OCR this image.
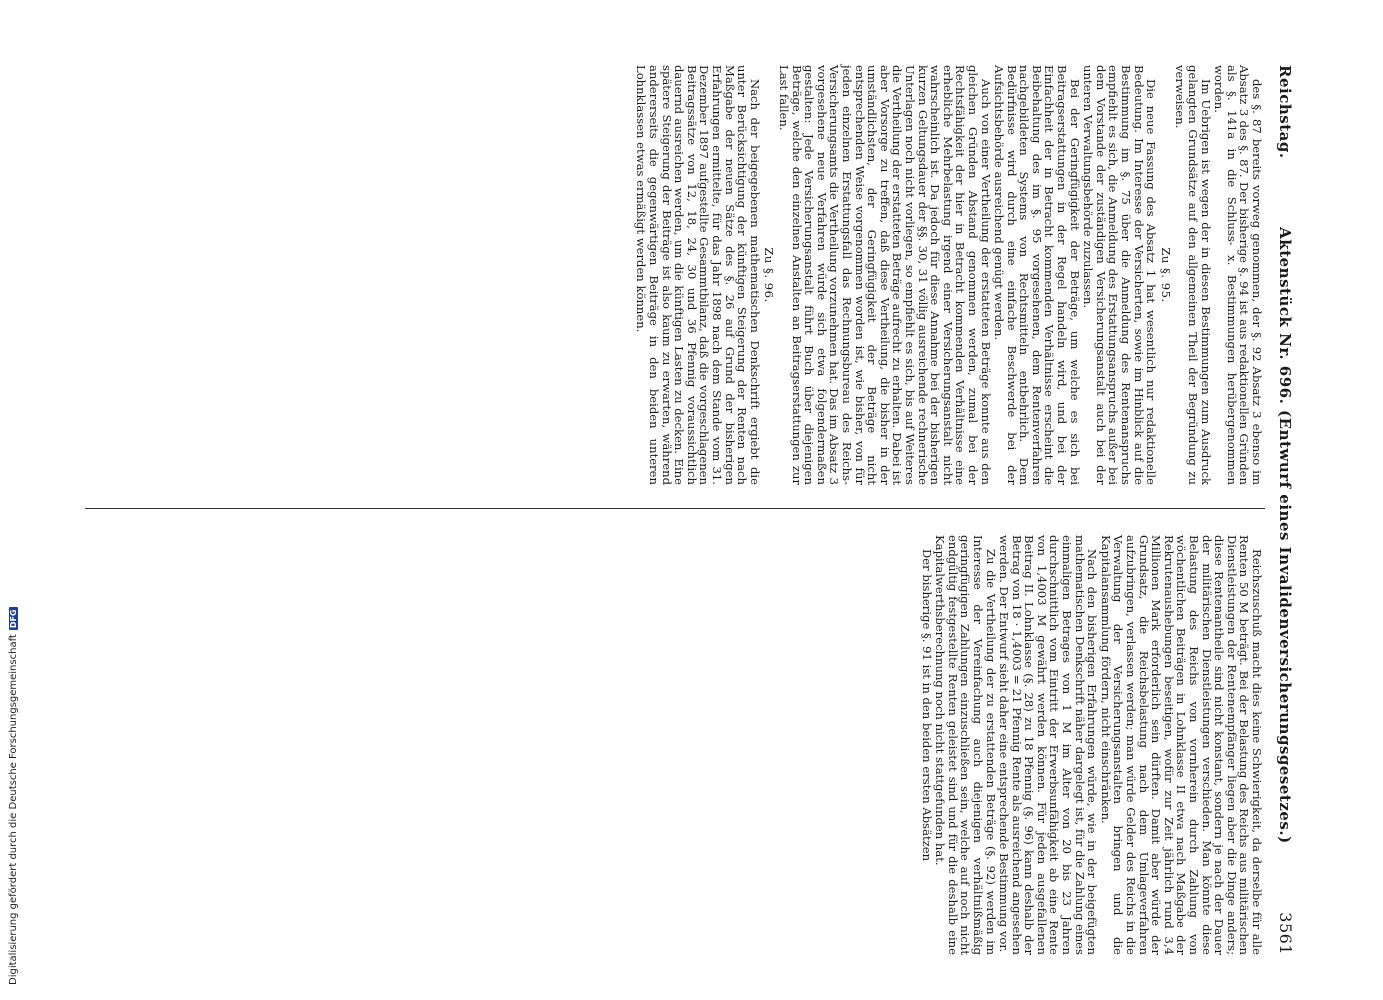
Digitalisierung gefördert durch die Deutsche Forschungsgemeinschaft
DFG
Reichstag.
Aktenstück Nr. 696. (Entwurf eines Invalidenversicherungsgesetzes.)
3561

des §. 87 bereits vorweg genommen, der §. 92 Absatz 3 ebenso im Absatz 3 des §. 87. Der bisherige §. 94 ist aus redaktionellen Gründen als §. 141a in die Schluss- x. Bestimmungen herübergenommen worden.

Im Uebrigen ist wegen der in diesen Bestimmungen zum Ausdruck gelangten Grundsätze auf den allgemeinen Theil der Begründung zu verweisen.

Zu §. 95.

Die neue Fassung des Absatz 1 hat wesentlich nur redaktionelle Bedeutung. Im Interesse der Versicherten, sowie im Hinblick auf die Bestimmung im §. 75 über die Anmeldung des Rentenanspruchs empfiehlt es sich, die Anmeldung des Erstattungsanspruchs außer bei dem Vorstande der zuständigen Versicherungsanstalt auch bei der unteren Verwaltungsbehörde zuzulassen.

Bei der Geringfügigkeit der Beträge, um welche es sich bei Beitragserstattungen in der Regel handeln wird, und bei der Einfachheit der in Betracht kommenden Verhältnisse erscheint die Beibehaltung des im §. 95 vorgesehenen, dem Rentenverfahren nachgebildeten Systems von Rechtsmitteln entbehrlich. Dem Bedürfnisse wird durch eine einfache Beschwerde bei der Aufsichtsbehörde ausreichend genügt werden.

Auch von einer Vertheilung der erstatteten Beträge konnte aus den gleichen Gründen Abstand genommen werden, zumal bei der Rechtsfähigkeit der hier in Betracht kommenden Verhältnisse eine erhebliche Mehrbelastung irgend einer Versicherungsanstalt nicht wahrscheinlich ist. Da jedoch für diese Annahme bei der bisherigen kurzen Geltungsdauer der §§. 30, 31 völlig ausreichende rechnerische Unterlagen noch nicht vorliegen, so empfiehlt es sich, bis auf Weiteres die Vertheilung der erstatteten Beträge aufrecht zu erhalten. Dabei ist aber Vorsorge zu treffen, daß diese Vertheilung, die bisher in der umständlichsten, der Geringfügigkeit der Beträge nicht entsprechenden Weise vorgenommen worden ist, wie bisher, von für jeden einzelnen Erstattungsfall das Rechnungsbureau des Reichs-Versicherungsamts die Vertheilung vorzunehmen hat. Das im Absatz 3 vorgesehene neue Verfahren würde sich etwa folgendermaßen gestalten: Jede Versicherungsanstalt führt Buch über diejenigen Beträge, welche den einzelnen Anstalten an Beitragserstattungen zur Last fallen.

Zu §. 96.

Nach der beigegebenen mathematischen Denkschrift ergiebt die unter Berücksichtigung der künftigen Steigerung der Renten nach Maßgabe der neuen Sätze des §. 26 auf Grund der bisherigen Erfahrungen ermittelte, für das Jahr 1898 nach dem Stande vom 31. Dezember 1897 aufgestellte Gesammtbilanz, daß die vorgeschlagenen Beitragssätze von 12, 18, 24, 30 und 36 Pfennig voraussichtlich dauernd ausreichen werden, um die künftigen Lasten zu decken. Eine spätere Steigerung der Beiträge ist also kaum zu erwarten, während andererseits die gegenwärtigen Beiträge in den beiden unteren Lohnklassen etwas ermäßigt werden können.

Reichszuschuß macht dies keine Schwierigkeit, da derselbe für alle Renten 50 M beträgt. Bei der Belastung des Reichs aus militärischen Dienstleistungen der Rentenempfänger liegen aber die Dinge anders; diese Rentenantheile sind nicht konstant, sondern je nach der Dauer der militärischen Dienstleistungen verschieden. Man könnte diese Belastung des Reichs von vornherein durch Zahlung von wöchentlichen Beiträgen in Lohnklasse II etwa nach Maßgabe der Rekrutenaushebungen beseitigen, wofür zur Zeit jährlich rund 3,4 Millionen Mark erforderlich sein dürften. Damit aber würde der Grundsatz, die Reichsbelastung nach dem Umlageverfahren aufzubringen, verlassen werden; man würde Gelder des Reichs in die Verwaltung der Versicherungsanstalten bringen und die Kapitalansammlung fördern, nicht einschränken.

Nach den bisherigen Erfahrungen würde, wie in der beigefügten mathematischen Denkschrift näher dargelegt ist, für die Zahlung eines einmaligen Betrages von 1 M im Alter von 20 bis 23 Jahren durchschnittlich vom Eintritt der Erwerbsunfähigkeit ab eine Rente von 1,4003 M gewährt werden können. Für jeden ausgefallenen Beitrag II. Lohnklasse (§. 28) zu 18 Pfennig (§. 96) kann deshalb der Betrag von 18 · 1,4003 = 21 Pfennig Rente als ausreichend angesehen werden. Der Entwurf sieht daher eine entsprechende Bestimmung vor.

Zu die Vertheilung der zu erstattenden Beträge (§. 92) werden im Interesse der Vereinfachung auch diejenigen verhältnißmäßig geringfügigen Zahlungen einzuschließen sein, welche auf noch nicht endgültig festgestellte Renten geleistet sind und für die deshalb eine Kapitalwerthsberechnung noch nicht stattgefunden hat.

Der bisherige §. 91 ist in den beiden ersten Absätzen
